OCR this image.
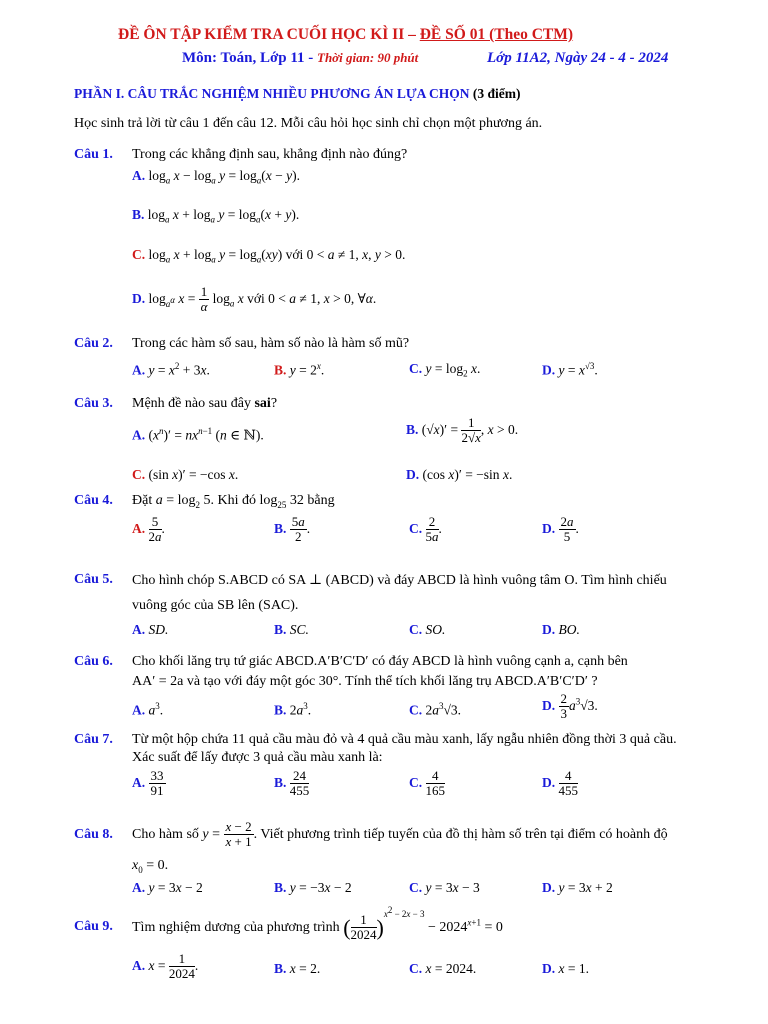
ĐỀ ÔN TẬP KIỂM TRA CUỐI HỌC KÌ II – ĐỀ SỐ 01 (Theo CTM)
Môn: Toán, Lớp 11 - Thời gian: 90 phút	Lớp 11A2, Ngày 24 - 4 - 2024
PHẦN I. CÂU TRẮC NGHIỆM NHIỀU PHƯƠNG ÁN LỰA CHỌN (3 điểm)
Học sinh trả lời từ câu 1 đến câu 12. Mỗi câu hỏi học sinh chỉ chọn một phương án.
Câu 1. Trong các khẳng định sau, khẳng định nào đúng?
A. $\log_a x - \log_a y = \log_a(x - y)$.
B. $\log_a x + \log_a y = \log_a(x + y)$.
C. $\log_a x + \log_a y = \log_a(xy)$ với 0 < a ≠ 1, x, y > 0.
D. $\log_{a^\alpha} x = \frac{1}{\alpha} \log_a x$ với 0 < a ≠ 1, x > 0, ∀α.
Câu 2. Trong các hàm số sau, hàm số nào là hàm số mũ?
A. $y = x^2 + 3x$.	B. $y = 2^x$.	C. $y = \log_2 x$.	D. $y = x^{√3}$.
Câu 3. Mệnh đề nào sau đây sai?
A. $(x^n)' = nx^{n-1}$ (n ∈ ℕ).	B. $(√x)' = \frac{1}{2√x}$ , x > 0.
C. (sin x)′ = −cos x.	D. (cos x)′ = −sin x.
Câu 4. Đặt $a = \log_2 5$. Khi đó $\log_{25} 32$ bằng
A. $\frac{5}{2a}$ .	B. $\frac{5a}{2}$ .	C. $\frac{2}{5a}$ .	D. $\frac{2a}{5}$ .
Câu 5. Cho hình chóp S.ABCD có SA ⊥ (ABCD) và đáy ABCD là hình vuông tâm O. Tìm hình chiếu
vuông góc của SB lên (SAC).
A. SD.	B. SC.	C. SO.	D. BO.
Câu 6. Cho khối lăng trụ tứ giác ABCD.A′B′C′D′ có đáy ABCD là hình vuông cạnh a, cạnh bên
AA′ = 2a và tạo với đáy một góc 30°. Tính thể tích khối lăng trụ ABCD.A′B′C′D′ ?
A. $a^3$.	B. $2a^3$.	C. $2a^3√3$.	D. $\frac{2}{3} a^3√3$.
Câu 7. Từ một hộp chứa 11 quả cầu màu đỏ và 4 quả cầu màu xanh, lấy ngẫu nhiên đồng thời 3 quả cầu.
Xác suất để lấy được 3 quả cầu màu xanh là:
A. $\frac{33}{91}$	B. $\frac{24}{455}$	C. $\frac{4}{165}$	D. $\frac{4}{455}$
Câu 8. Cho hàm số $y = \frac{x - 2}{x + 1}$ . Viết phương trình tiếp tuyến của đồ thị hàm số trên tại điểm có hoành độ
$x_0 = 0$.
A. y = 3x − 2	B. y = −3x − 2	C. y = 3x − 3	D. y = 3x + 2
Câu 9. Tìm nghiệm dương của phương trình ( $\frac{1}{2024} )^{x^2 - 2x - 3} - 2024^{x+1} = 0$
A. $x = \frac{1}{2024}$ .	B. x = 2.	C. x = 2024.	D. x = 1.
